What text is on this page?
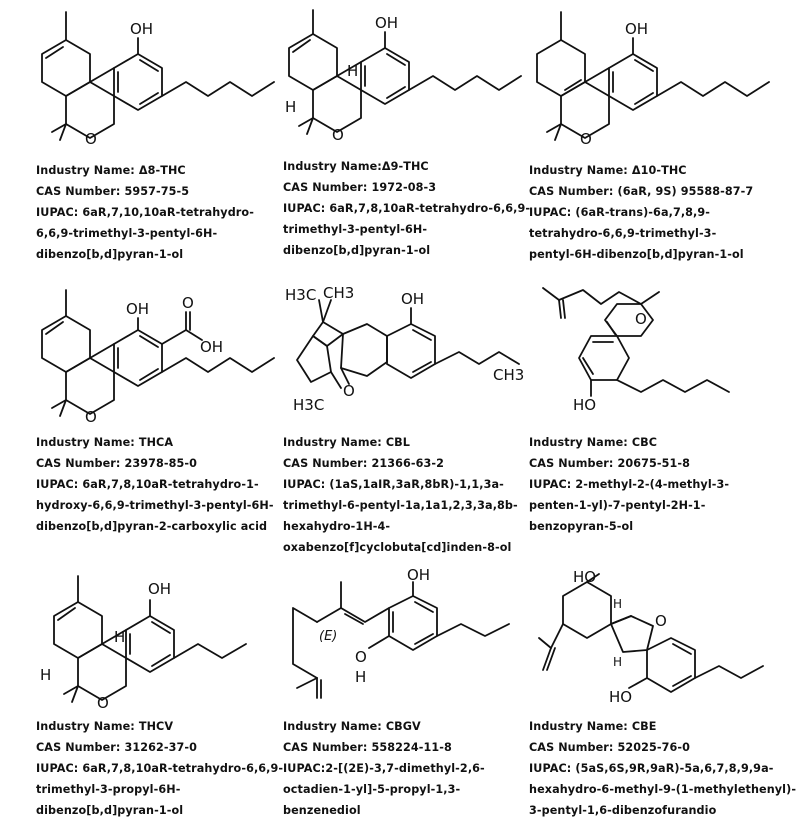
OH
O
Industry Name: Δ8-THC
CAS Number: 5957-75-5
IUPAC: 6aR,7,10,10aR-tetrahydro-
6,6,9-trimethyl-3-pentyl-6H-
dibenzo[b,d]pyran-1-ol
OH
O
H
H
Industry Name:Δ9-THC
CAS Number: 1972-08-3
IUPAC: 6aR,7,8,10aR-tetrahydro-6,6,9-
trimethyl-3-pentyl-6H-
dibenzo[b,d]pyran-1-ol
OH
O
Industry Name: Δ10-THC
CAS Number: (6aR, 9S) 95588-87-7
IUPAC: (6aR-trans)-6a,7,8,9-
tetrahydro-6,6,9-trimethyl-3-
pentyl-6H-dibenzo[b,d]pyran-1-ol
OH
O
O
OH
Industry Name: THCA
CAS Number: 23978-85-0
IUPAC: 6aR,7,8,10aR-tetrahydro-1-
hydroxy-6,6,9-trimethyl-3-pentyl-6H-
dibenzo[b,d]pyran-2-carboxylic acid
H3C CH3	OH
O
H3C
CH3
Industry Name: CBL
CAS Number: 21366-63-2
IUPAC: (1aS,1aIR,3aR,8bR)-1,1,3a-
trimethyl-6-pentyl-1a,1a1,2,3,3a,8b-
hexahydro-1H-4-
oxabenzo[f]cyclobuta[cd]inden-8-ol
O
HO
Industry Name: CBC
CAS Number: 20675-51-8
IUPAC: 2-methyl-2-(4-methyl-3-
penten-1-yl)-7-pentyl-2H-1-
benzopyran-5-ol
OH
O
H
H
Industry Name: THCV
CAS Number: 31262-37-0
IUPAC: 6aR,7,8,10aR-tetrahydro-6,6,9-
trimethyl-3-propyl-6H-
dibenzo[b,d]pyran-1-ol
OH
(E)
O
H
Industry Name: CBGV
CAS Number: 558224-11-8
IUPAC:2-[(2E)-3,7-dimethyl-2,6-
octadien-1-yl]-5-propyl-1,3-
benzenediol
HO
H
O
H
HO
Industry Name: CBE
CAS Number: 52025-76-0
IUPAC: (5aS,6S,9R,9aR)-5a,6,7,8,9,9a-
hexahydro-6-methyl-9-(1-methylethenyl)-
3-pentyl-1,6-dibenzofurandio
